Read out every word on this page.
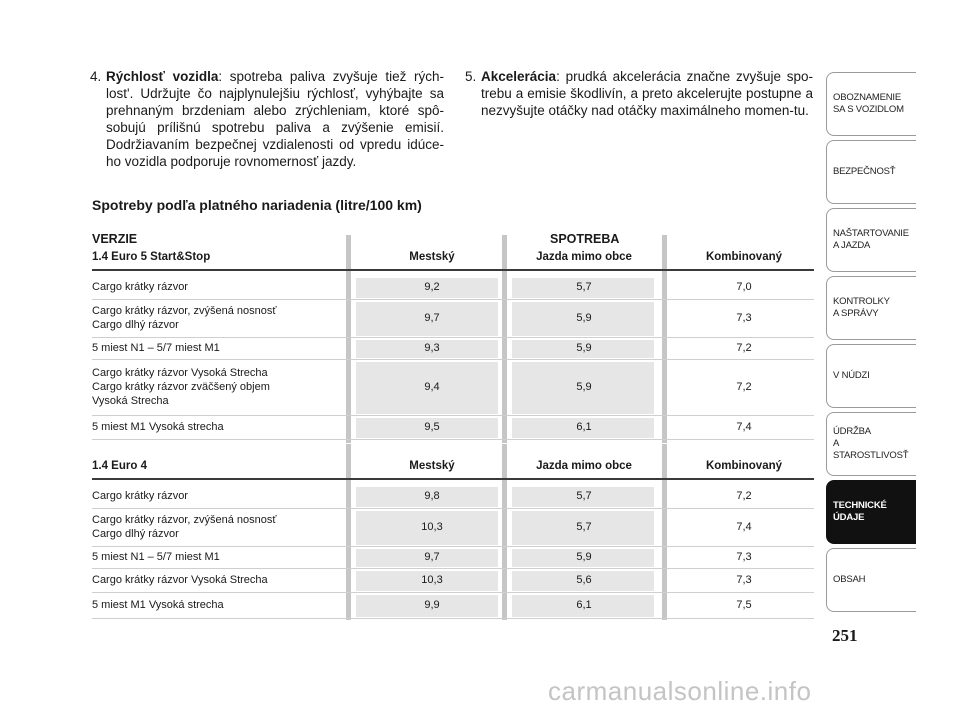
4. Rýchlosť vozidla: spotreba paliva zvyšuje tiež rých-lost'. Udržujte čo najplynulejšiu rýchlosť, vyhýbajte sa prehnaným brzdeniam alebo zrýchleniam, ktoré spô-sobujú prílišnú spotrebu paliva a zvýšenie emisií. Dodržiavaním bezpečnej vzdialenosti od vpredu idúce-ho vozidla podporuje rovnomernosť jazdy.
5. Akcelerácia: prudká akcelerácia značne zvyšuje spo-trebu a emisie škodlivín, a preto akcelerujte postupne a nezvyšujte otáčky nad otáčky maximálneho momen-tu.
Spotreby podľa platného nariadenia (litre/100 km)
VERZIE	SPOTREBA
1.4 Euro 5 Start&Stop	Mestský	Jazda mimo obce	Kombinovaný
Cargo krátky rázvor	9,2	5,7	7,0
Cargo krátky rázvor, zvýšená nosnosť
Cargo dlhý rázvor
9,7	5,9	7,3
5 miest N1 – 5/7 miest M1	9,3	5,9	7,2
Cargo krátky rázvor Vysoká Strecha
Cargo krátky rázvor zväčšený objem
Vysoká Strecha
9,4	5,9	7,2
5 miest M1 Vysoká strecha	9,5	6,1	7,4
1.4 Euro 4	Mestský	Jazda mimo obce	Kombinovaný
Cargo krátky rázvor	9,8	5,7	7,2
Cargo krátky rázvor, zvýšená nosnosť
Cargo dlhý rázvor
10,3	5,7	7,4
5 miest N1 – 5/7 miest M1	9,7	5,9	7,3
Cargo krátky rázvor Vysoká Strecha	10,3	5,6	7,3
5 miest M1 Vysoká strecha	9,9	6,1	7,5
OBOZNAMENIE
SA S VOZIDLOM
BEZPEČNOSŤ
NAŠTARTOVANIE
A JAZDA
KONTROLKY
A SPRÁVY
V NÚDZI
ÚDRŽBA
A STAROSTLIVOSŤ
TECHNICKÉ
ÚDAJE
OBSAH
251
carmanualsonline.info
